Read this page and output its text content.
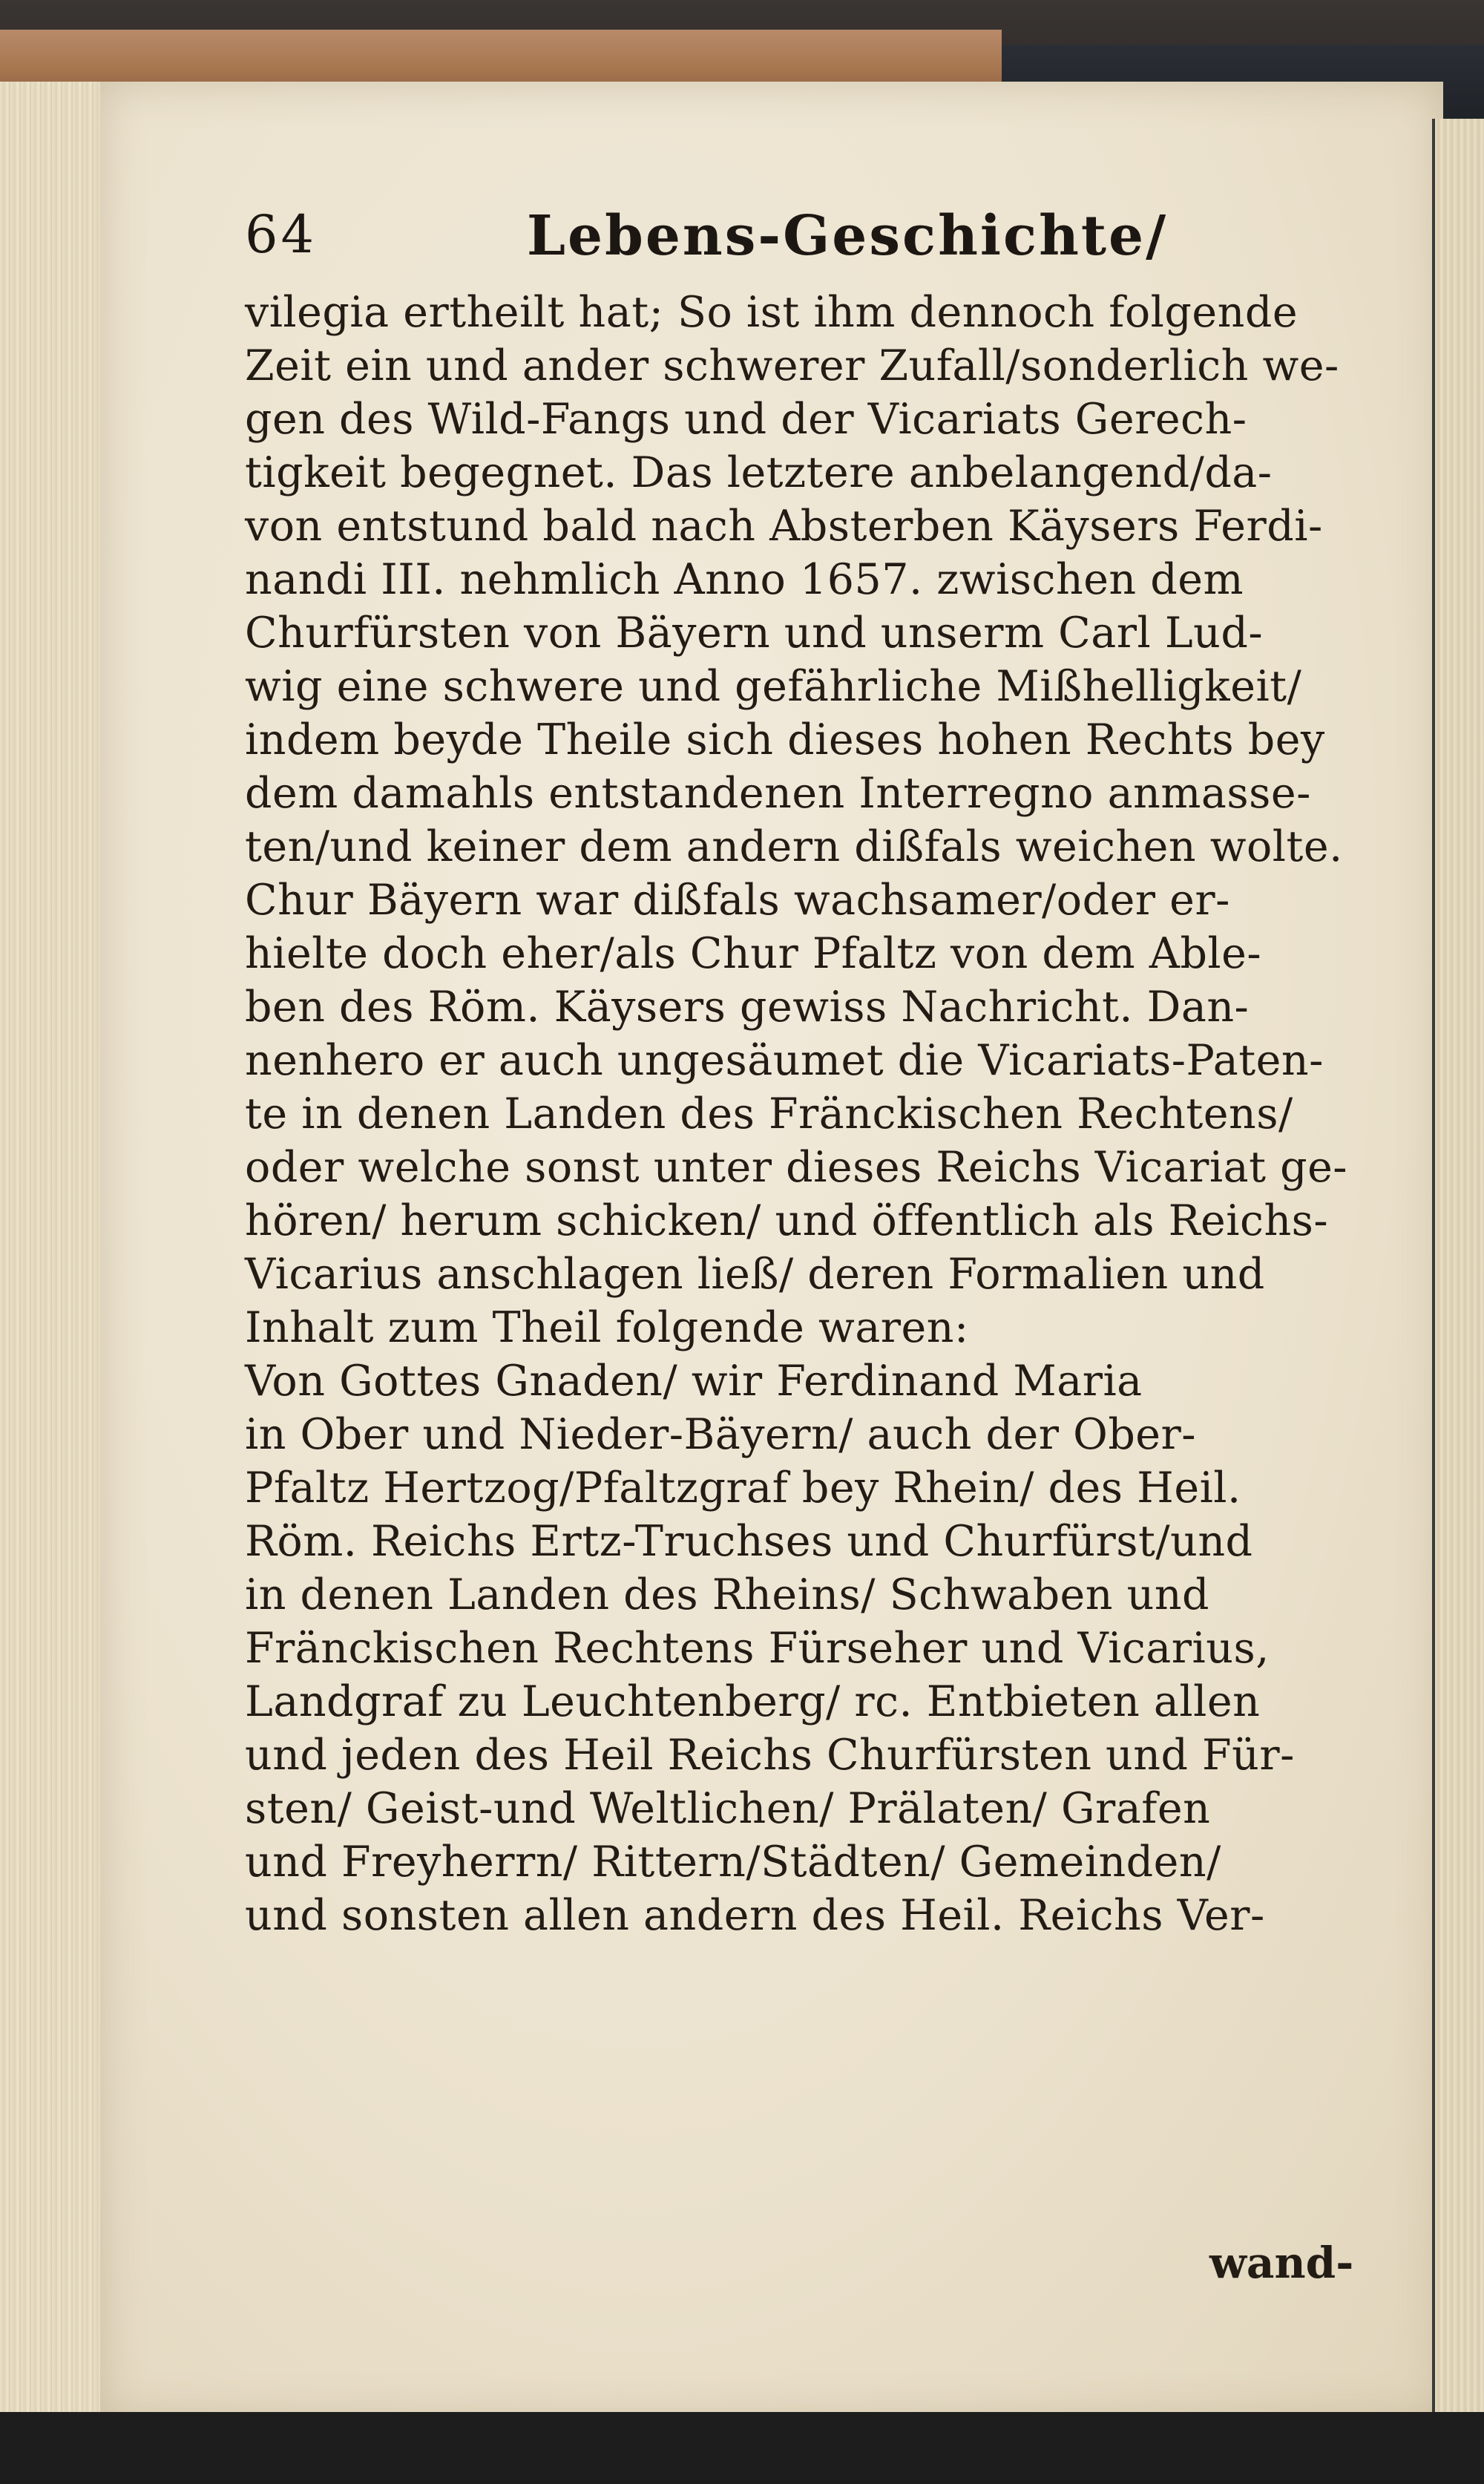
64	Lebens-Geschichte/
vilegia ertheilt hat; So ist ihm dennoch folgende
Zeit ein und ander schwerer Zufall/sonderlich we-
gen des Wild-Fangs und der Vicariats Gerech-
tigkeit begegnet. Das letztere anbelangend/da-
von entstund bald nach Absterben Käysers Ferdi-
nandi III. nehmlich Anno 1657. zwischen dem
Churfürsten von Bäyern und unserm Carl Lud-
wig eine schwere und gefährliche Mißhelligkeit/
indem beyde Theile sich dieses hohen Rechts bey
dem damahls entstandenen Interregno anmasse-
ten/und keiner dem andern dißfals weichen wolte.
Chur Bäyern war dißfals wachsamer/oder er-
hielte doch eher/als Chur Pfaltz von dem Able-
ben des Röm. Käysers gewiss Nachricht. Dan-
nenhero er auch ungesäumet die Vicariats-Paten-
te in denen Landen des Fränckischen Rechtens/
oder welche sonst unter dieses Reichs Vicariat ge-
hören/ herum schicken/ und öffentlich als Reichs-
Vicarius anschlagen ließ/ deren Formalien und
Inhalt zum Theil folgende waren:
Von Gottes Gnaden/ wir Ferdinand Maria
in Ober und Nieder-Bäyern/ auch der Ober-
Pfaltz Hertzog/Pfaltzgraf bey Rhein/ des Heil.
Röm. Reichs Ertz-Truchses und Churfürst/und
in denen Landen des Rheins/ Schwaben und
Fränckischen Rechtens Fürseher und Vicarius,
Landgraf zu Leuchtenberg/ rc. Entbieten allen
und jeden des Heil Reichs Churfürsten und Für-
sten/ Geist-und Weltlichen/ Prälaten/ Grafen
und Freyherrn/ Rittern/Städten/ Gemeinden/
und sonsten allen andern des Heil. Reichs Ver-
wand-
